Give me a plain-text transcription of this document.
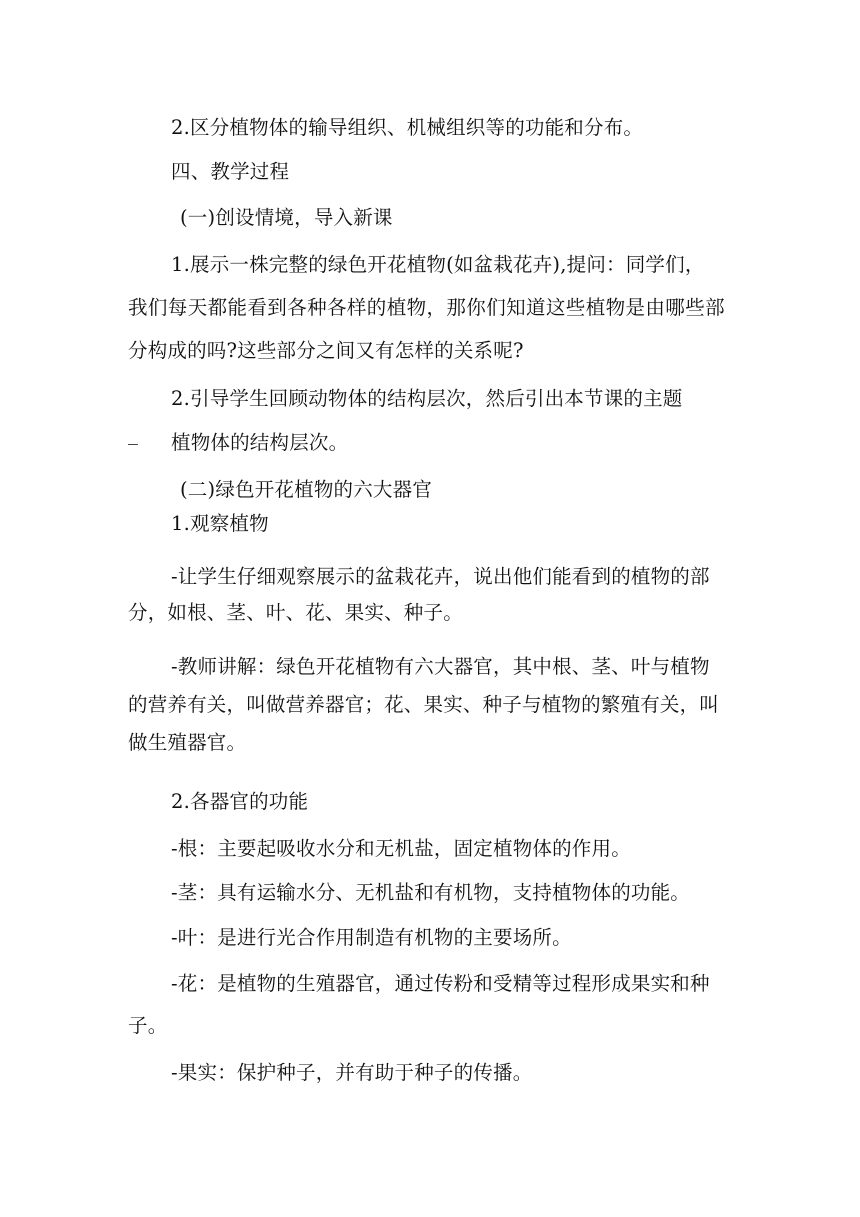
2.区分植物体的输导组织、机械组织等的功能和分布。
四、教学过程
(一)创设情境，导入新课
1.展示一株完整的绿色开花植物(如盆栽花卉),提问：同学们，
我们每天都能看到各种各样的植物，那你们知道这些植物是由哪些部
分构成的吗?这些部分之间又有怎样的关系呢?
2.引导学生回顾动物体的结构层次，然后引出本节课的主题
植物体的结构层次。
(二)绿色开花植物的六大器官
1.观察植物
-让学生仔细观察展示的盆栽花卉，说出他们能看到的植物的部
分，如根、茎、叶、花、果实、种子。
-教师讲解：绿色开花植物有六大器官，其中根、茎、叶与植物
的营养有关，叫做营养器官；花、果实、种子与植物的繁殖有关，叫
做生殖器官。
2.各器官的功能
-根：主要起吸收水分和无机盐，固定植物体的作用。
-茎：具有运输水分、无机盐和有机物，支持植物体的功能。
-叶：是进行光合作用制造有机物的主要场所。
-花：是植物的生殖器官，通过传粉和受精等过程形成果实和种
子。
-果实：保护种子，并有助于种子的传播。
